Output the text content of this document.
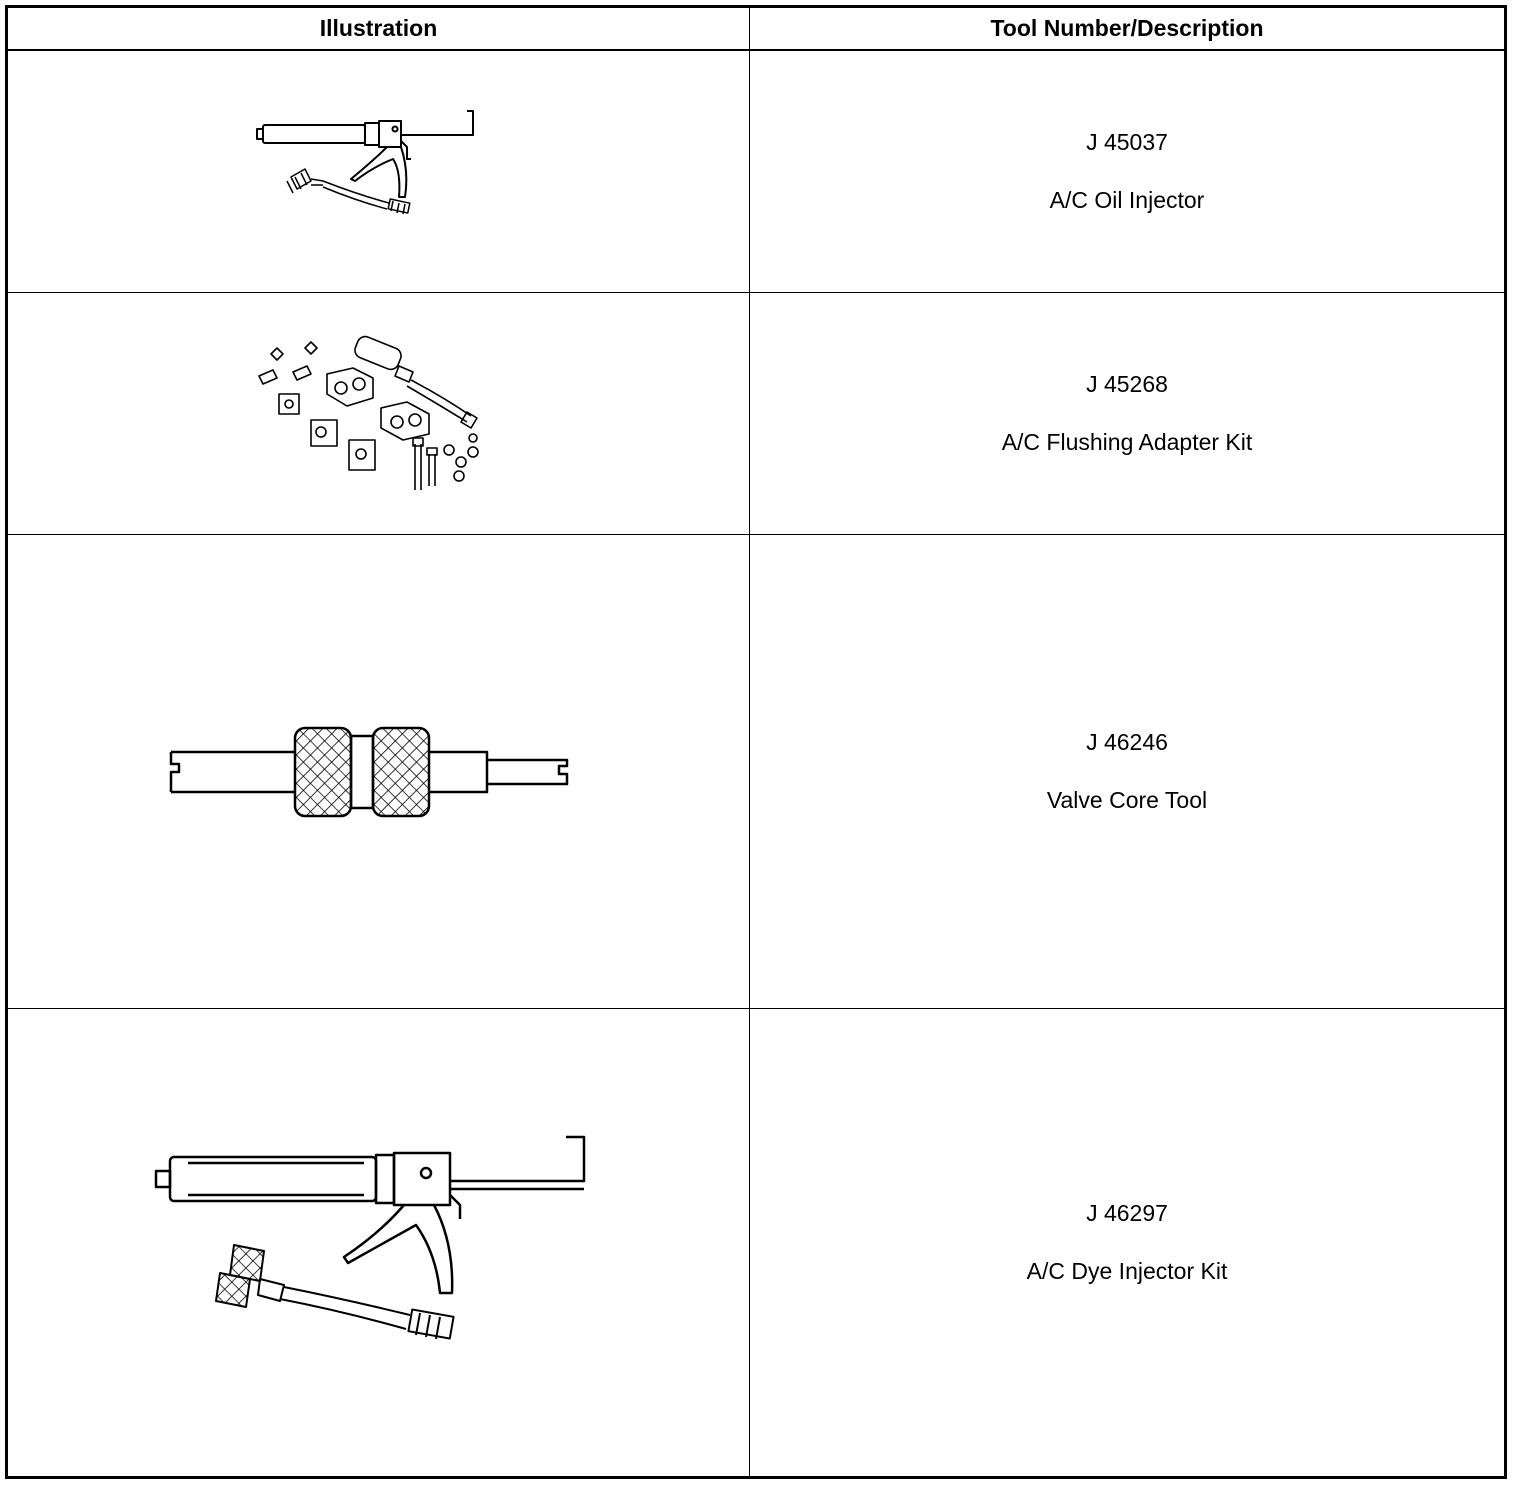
Illustration	Tool Number/Description
J 45037
A/C Oil Injector
J 45268
A/C Flushing Adapter Kit
J 46246
Valve Core Tool
J 46297
A/C Dye Injector Kit
